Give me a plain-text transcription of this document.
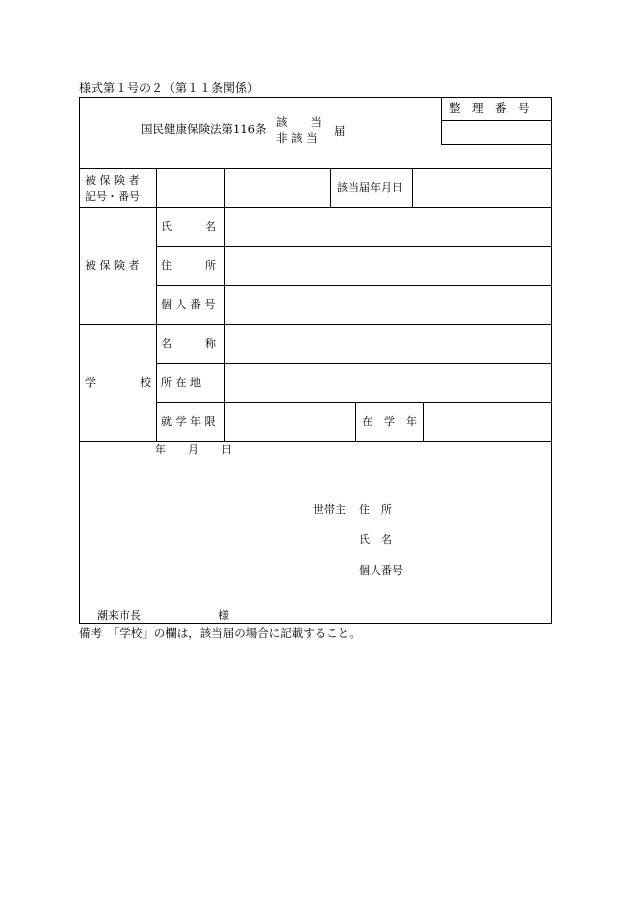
様式第１号の２（第１１条関係）
国民健康保険法第116条 該　　当
非 該 当 届
整　理　番　号
被 保 険 者
記号・番号
該当届年月日
被 保 険 者
氏　　　名
住　　　所
個 人 番 号
学　　　　校
名　　　称
所 在 地
就 学 年 限	在　学　年
年　　月　　日
世帯主 住　所
氏　名
個人番号
潮来市長　　　　　　　様
備考　「学校」の欄は，該当届の場合に記載すること。
